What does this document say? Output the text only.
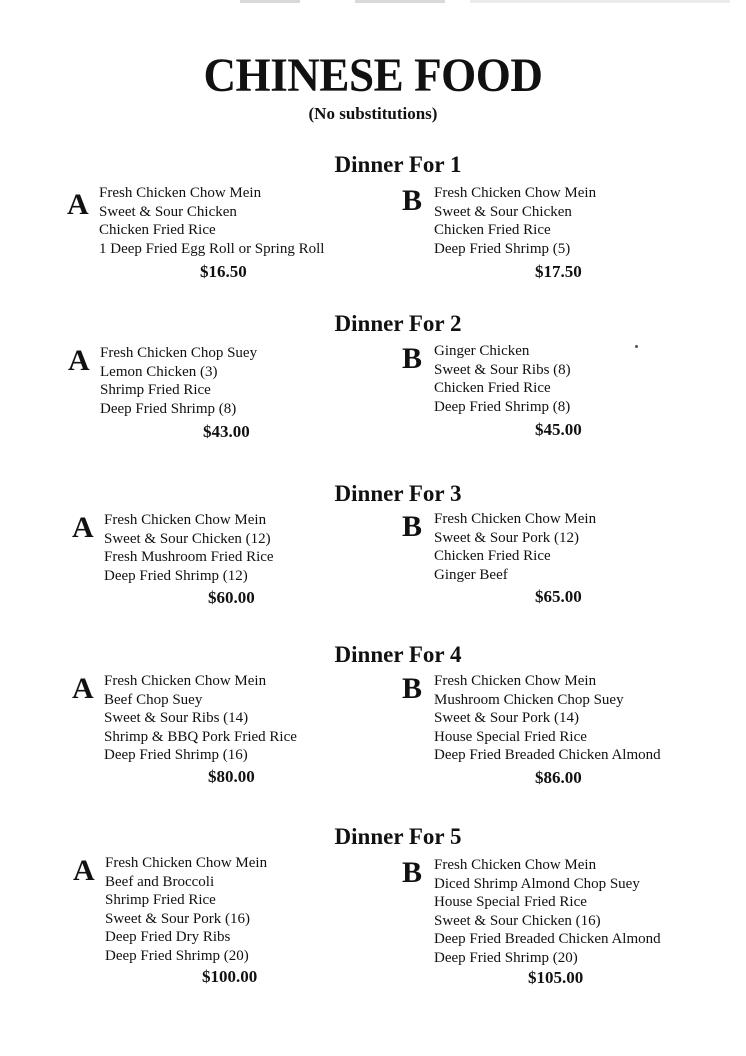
CHINESE FOOD
(No substitutions)
Dinner For 1
A Fresh Chicken Chow Mein
Sweet & Sour Chicken
Chicken Fried Rice
1 Deep Fried Egg Roll or Spring Roll
$16.50
B Fresh Chicken Chow Mein
Sweet & Sour Chicken
Chicken Fried Rice
Deep Fried Shrimp (5)
$17.50
Dinner For 2
A Fresh Chicken Chop Suey
Lemon Chicken (3)
Shrimp Fried Rice
Deep Fried Shrimp (8)
$43.00
B Ginger Chicken
Sweet & Sour Ribs (8)
Chicken Fried Rice
Deep Fried Shrimp (8)
$45.00
Dinner For 3
A Fresh Chicken Chow Mein
Sweet & Sour Chicken (12)
Fresh Mushroom Fried Rice
Deep Fried Shrimp (12)
$60.00
B Fresh Chicken Chow Mein
Sweet & Sour Pork (12)
Chicken Fried Rice
Ginger Beef
$65.00
Dinner For 4
A Fresh Chicken Chow Mein
Beef Chop Suey
Sweet & Sour Ribs (14)
Shrimp & BBQ Pork Fried Rice
Deep Fried Shrimp (16)
$80.00
B Fresh Chicken Chow Mein
Mushroom Chicken Chop Suey
Sweet & Sour Pork (14)
House Special Fried Rice
Deep Fried Breaded Chicken Almond
$86.00
Dinner For 5
A Fresh Chicken Chow Mein
Beef and Broccoli
Shrimp Fried Rice
Sweet & Sour Pork (16)
Deep Fried Dry Ribs
Deep Fried Shrimp (20)
$100.00
B Fresh Chicken Chow Mein
Diced Shrimp Almond Chop Suey
House Special Fried Rice
Sweet & Sour Chicken (16)
Deep Fried Breaded Chicken Almond
Deep Fried Shrimp (20)
$105.00
